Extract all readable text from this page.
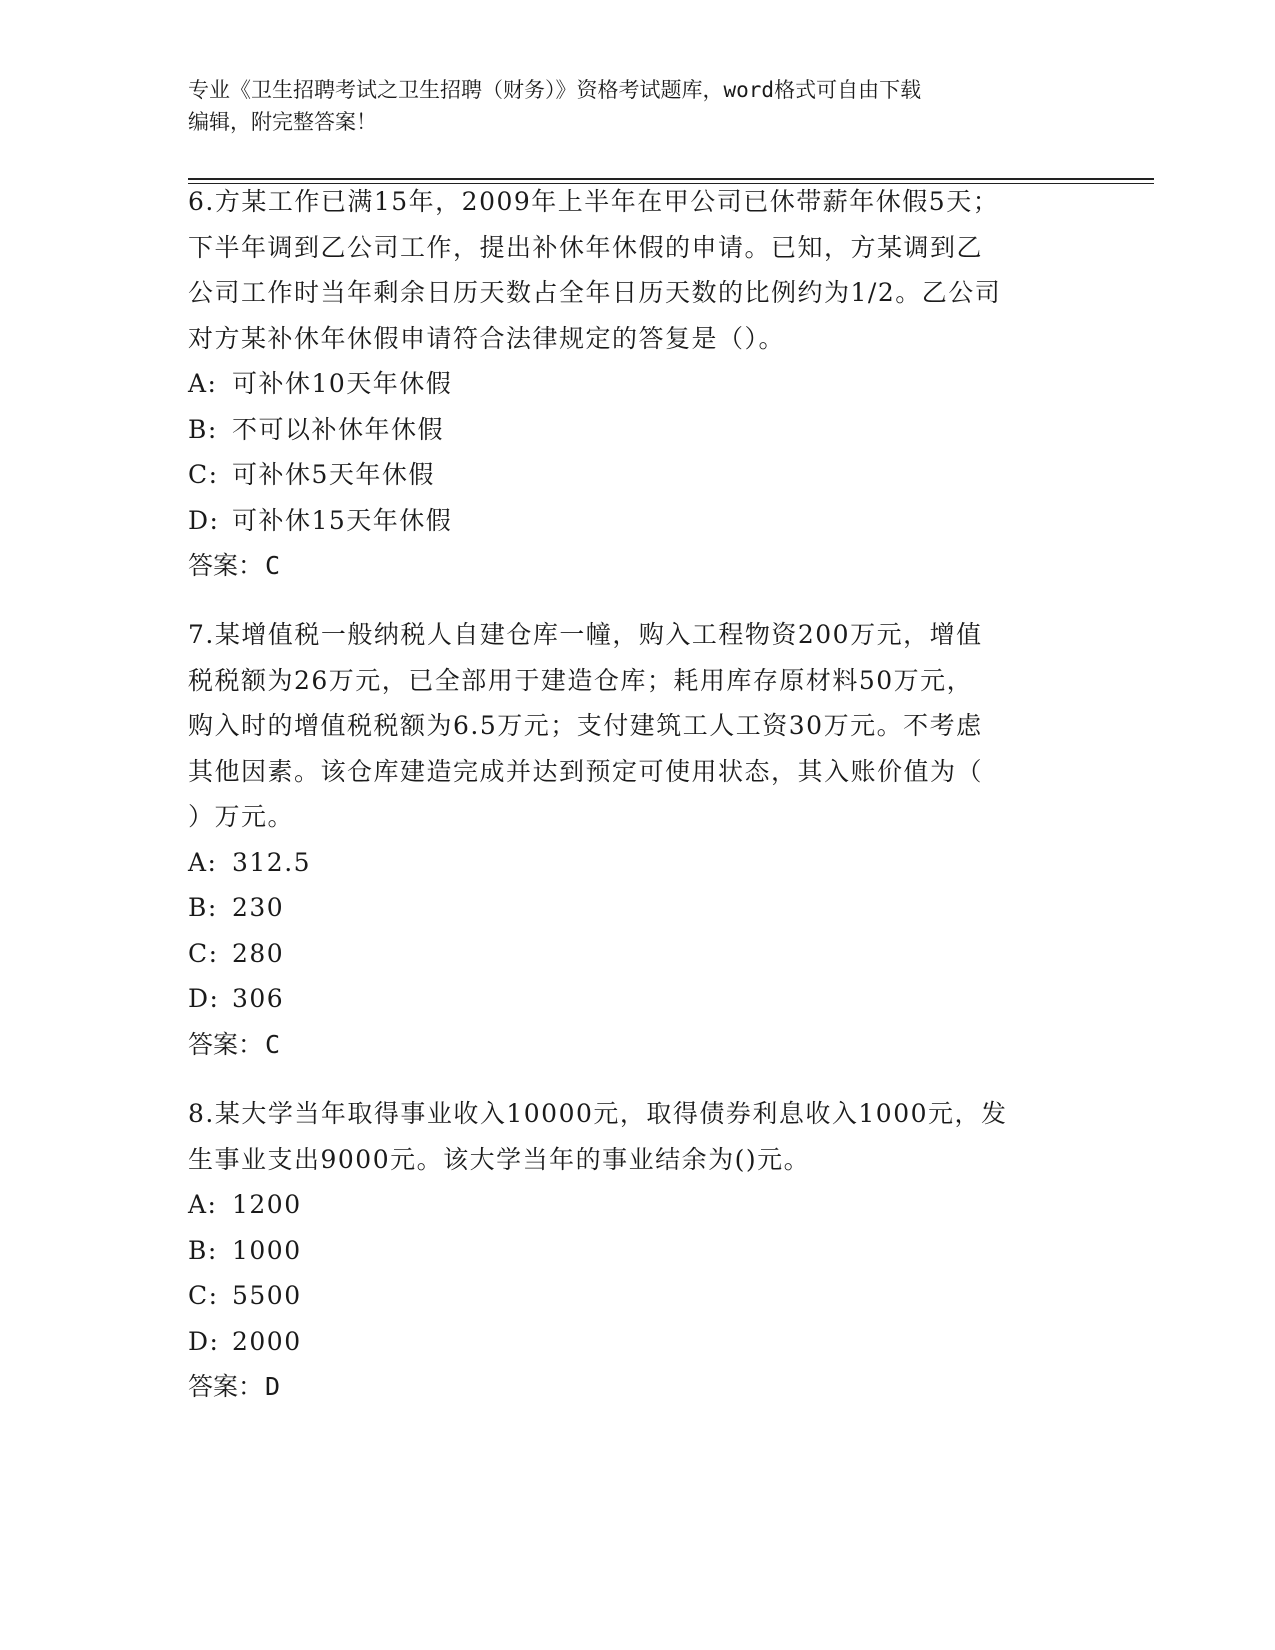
专业《卫生招聘考试之卫生招聘（财务）》资格考试题库，word格式可自由下载
编辑，附完整答案！

6.方某工作已满15年，2009年上半年在甲公司已休带薪年休假5天；
下半年调到乙公司工作，提出补休年休假的申请。已知，方某调到乙
公司工作时当年剩余日历天数占全年日历天数的比例约为1/2。乙公司
对方某补休年休假申请符合法律规定的答复是（）。

A: 可补休10天年休假

B: 不可以补休年休假

C: 可补休5天年休假

D: 可补休15天年休假

答案： C

7.某增值税一般纳税人自建仓库一幢，购入工程物资200万元，增值
税税额为26万元，已全部用于建造仓库；耗用库存原材料50万元，
购入时的增值税税额为6.5万元；支付建筑工人工资30万元。不考虑
其他因素。该仓库建造完成并达到预定可使用状态，其入账价值为（
）万元。

A: 312.5

B: 230

C: 280

D: 306

答案： C

8.某大学当年取得事业收入10000元，取得债券利息收入1000元，发
生事业支出9000元。该大学当年的事业结余为()元。

A: 1200

B: 1000

C: 5500

D: 2000

答案： D
